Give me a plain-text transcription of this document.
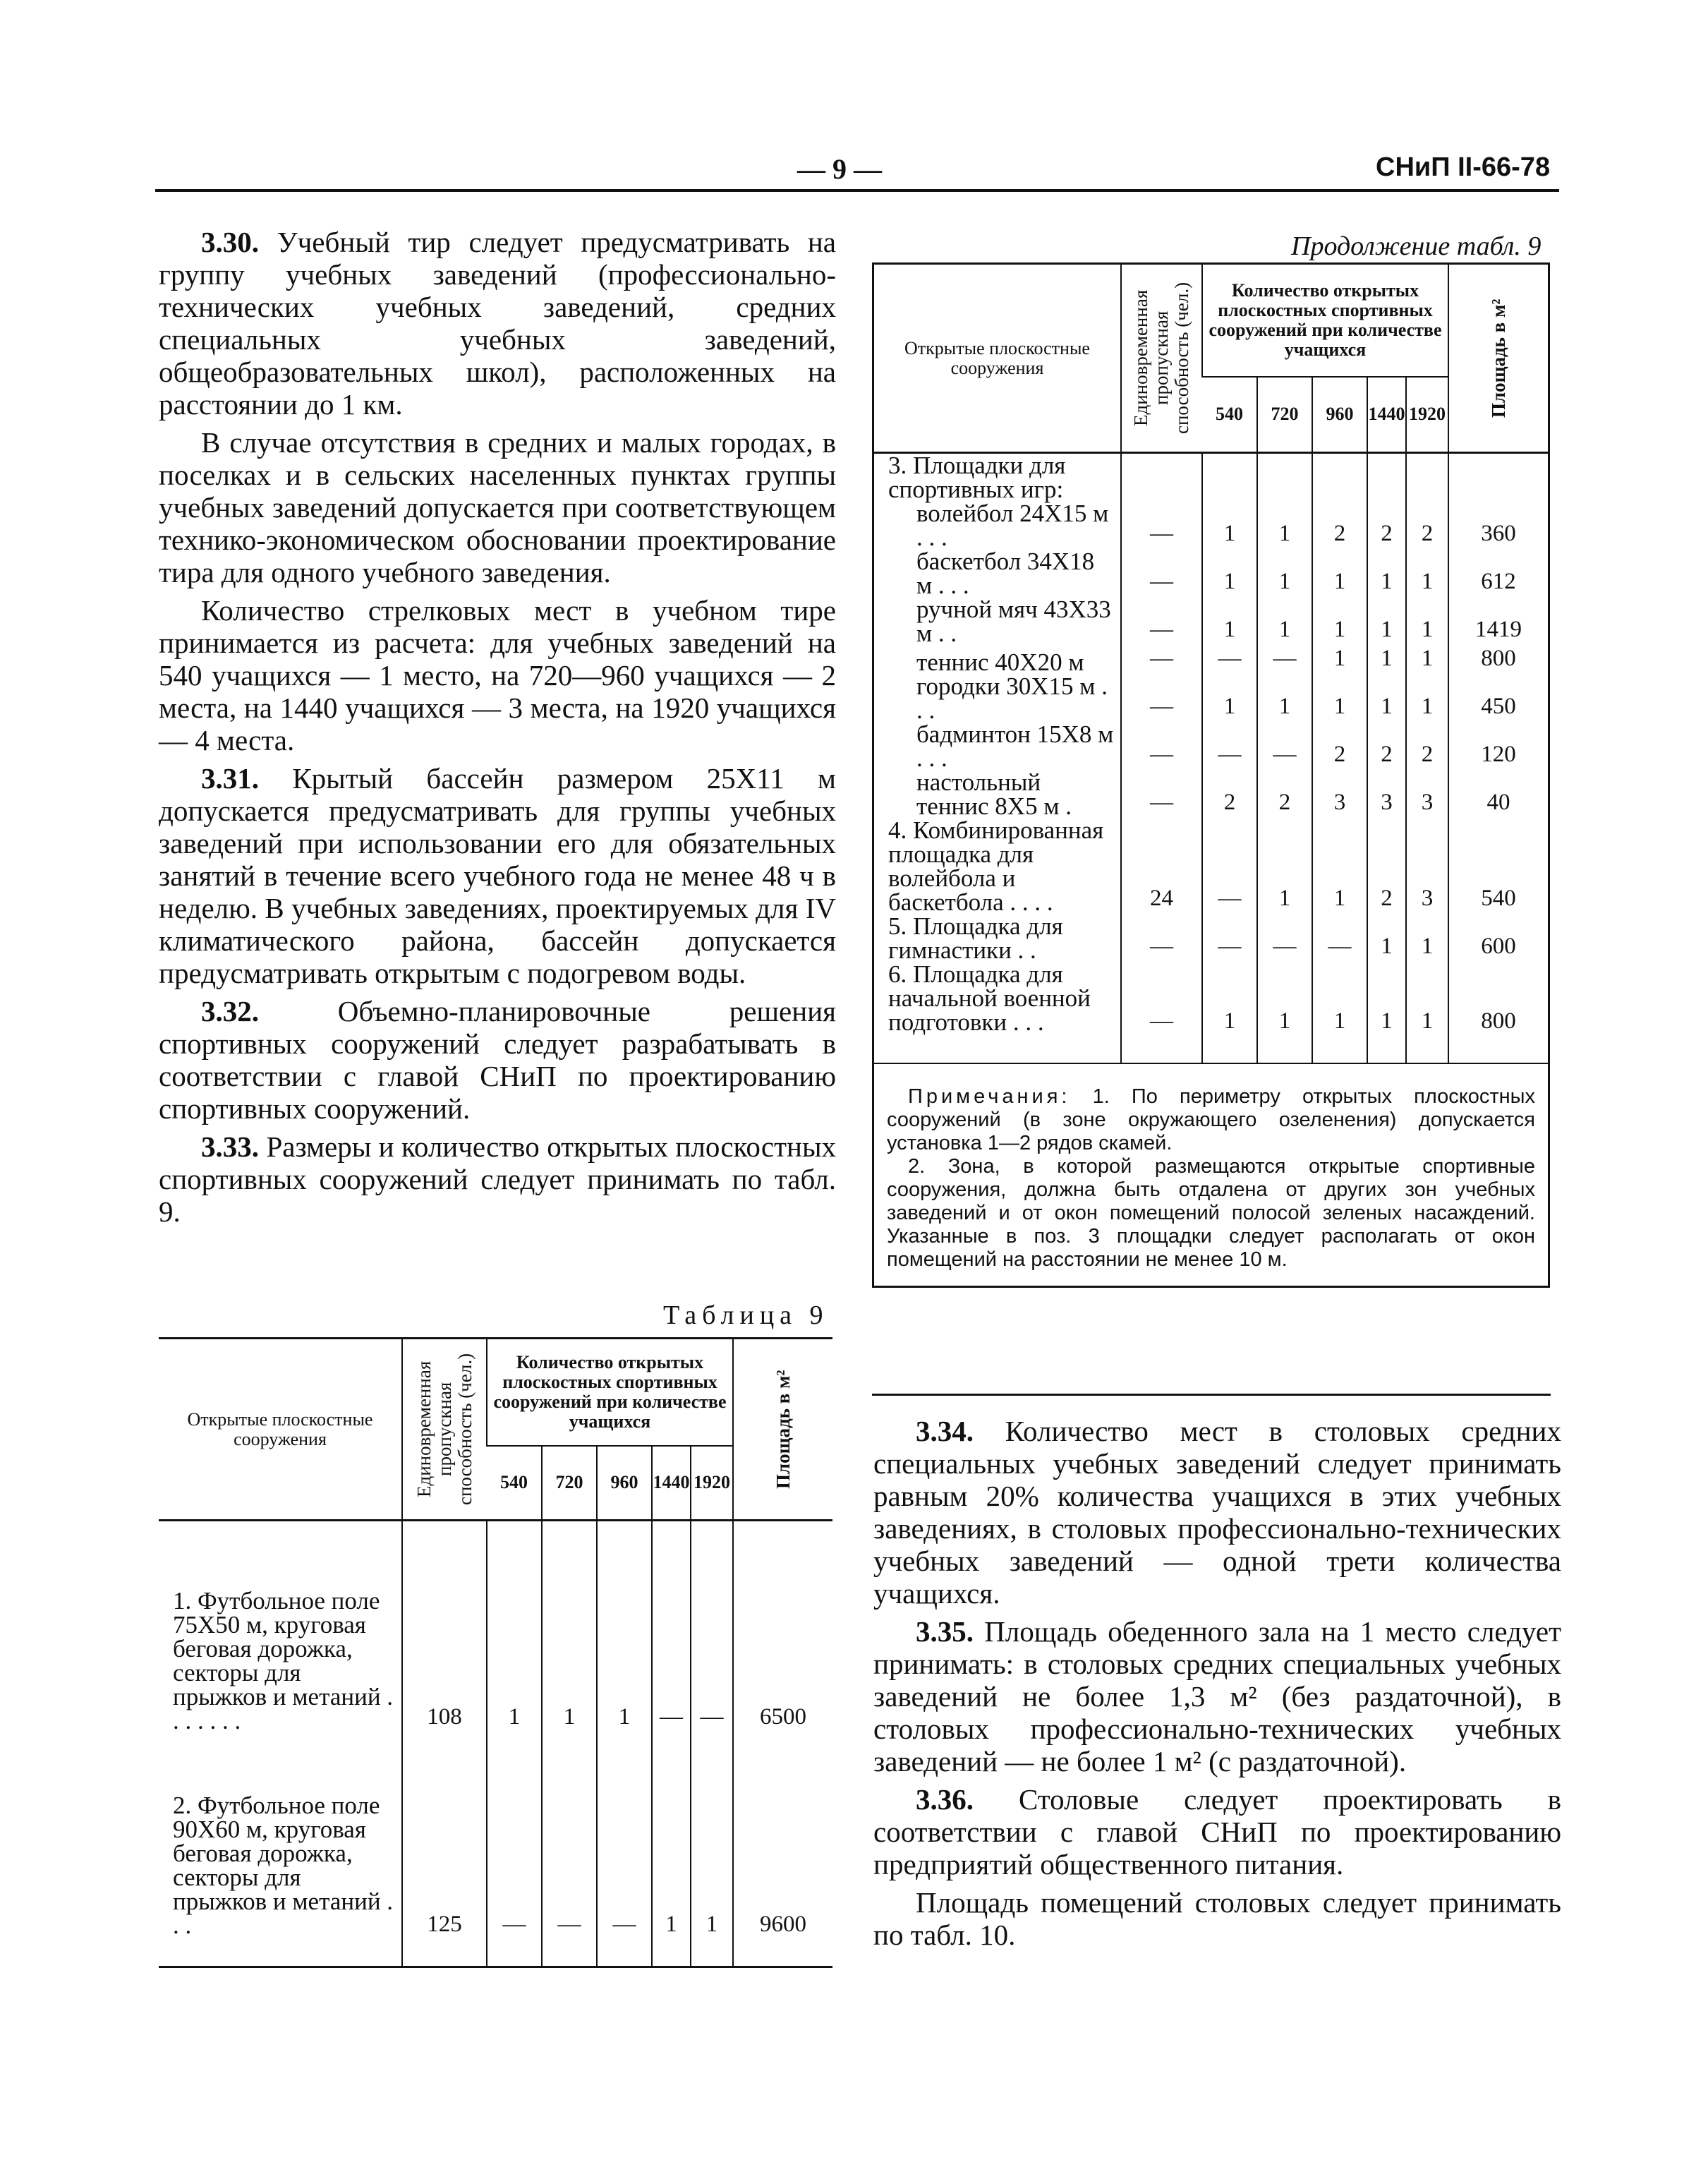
— 9 —	СНиП II-66-78

3.30. Учебный тир следует предусматривать на группу учебных заведений (профессионально-технических учебных заведений, средних специальных учебных заведений, общеобразовательных школ), расположенных на расстоянии до 1 км.

В случае отсутствия в средних и малых городах, в поселках и в сельских населенных пунктах группы учебных заведений допускается при соответствующем технико-экономическом обосновании проектирование тира для одного учебного заведения.

Количество стрелковых мест в учебном тире принимается из расчета: для учебных заведений на 540 учащихся — 1 место, на 720—960 учащихся — 2 места, на 1440 учащихся — 3 места, на 1920 учащихся — 4 места.

3.31. Крытый бассейн размером 25Х11 м допускается предусматривать для группы учебных заведений при использовании его для обязательных занятий в течение всего учебного года не менее 48 ч в неделю. В учебных заведениях, проектируемых для IV климатического района, бассейн допускается предусматривать открытым с подогревом воды.

3.32. Объемно-планировочные решения спортивных сооружений следует разрабатывать в соответствии с главой СНиП по проектированию спортивных сооружений.

3.33. Размеры и количество открытых плоскостных спортивных сооружений следует принимать по табл. 9.

Таблица 9
Открытые плоскостные сооружения	Единовременная пропускная способность (чел.)	Количество открытых плоскостных спортивных сооружений при количестве учащихся					Площадь в м²

		540	720	960	1440	1920	
1. Футбольное поле 75Х50 м, круговая беговая дорожка, секторы для прыжков и метаний . . . . . . .	108	1	1	1	—	—	6500
2. Футбольное поле 90Х60 м, круговая беговая дорожка, секторы для прыжков и метаний . . .	125	—	—	—	1	1	9600
Продолжение табл. 9
Открытые плоскостные сооружения	Единовременная пропускная способность (чел.)	Количество открытых плоскостных спортивных сооружений при количестве учащихся					Площадь в м²

		540	720	960	1440	1920	
3. Площадки для спортивных игр:							
волейбол 24Х15 м . . .	—	1	1	2	2	2	360
баскетбол 34Х18 м . . .	—	1	1	1	1	1	612
ручной мяч 43Х33 м . .	—	1	1	1	1	1	1419
теннис 40Х20 м	—	—	—	1	1	1	800
городки 30Х15 м . . .	—	1	1	1	1	1	450
бадминтон 15Х8 м . . .	—	—	—	2	2	2	120
настольный теннис 8Х5 м .	—	2	2	3	3	3	40
4. Комбинированная площадка для волейбола и баскетбола . . . .	24	—	1	1	2	3	540
5. Площадка для гимнастики . .	—	—	—	—	1	1	600
6. Площадка для начальной военной подготовки . . .	—	1	1	1	1	1	800

Примечания: 1. По периметру открытых плоскостных сооружений (в зоне окружающего озеленения) допускается установка 1—2 рядов скамей.

2. Зона, в которой размещаются открытые спортивные сооружения, должна быть отдалена от других зон учебных заведений и от окон помещений полосой зеленых насаждений. Указанные в поз. 3 площадки следует располагать от окон помещений на расстоянии не менее 10 м.

3.34. Количество мест в столовых средних специальных учебных заведений следует принимать равным 20% количества учащихся в этих учебных заведениях, в столовых профессионально-технических учебных заведений — одной трети количества учащихся.

3.35. Площадь обеденного зала на 1 место следует принимать: в столовых средних специальных учебных заведений не более 1,3 м² (без раздаточной), в столовых профессионально-технических учебных заведений — не более 1 м² (с раздаточной).

3.36. Столовые следует проектировать в соответствии с главой СНиП по проектированию предприятий общественного питания.

Площадь помещений столовых следует принимать по табл. 10.
